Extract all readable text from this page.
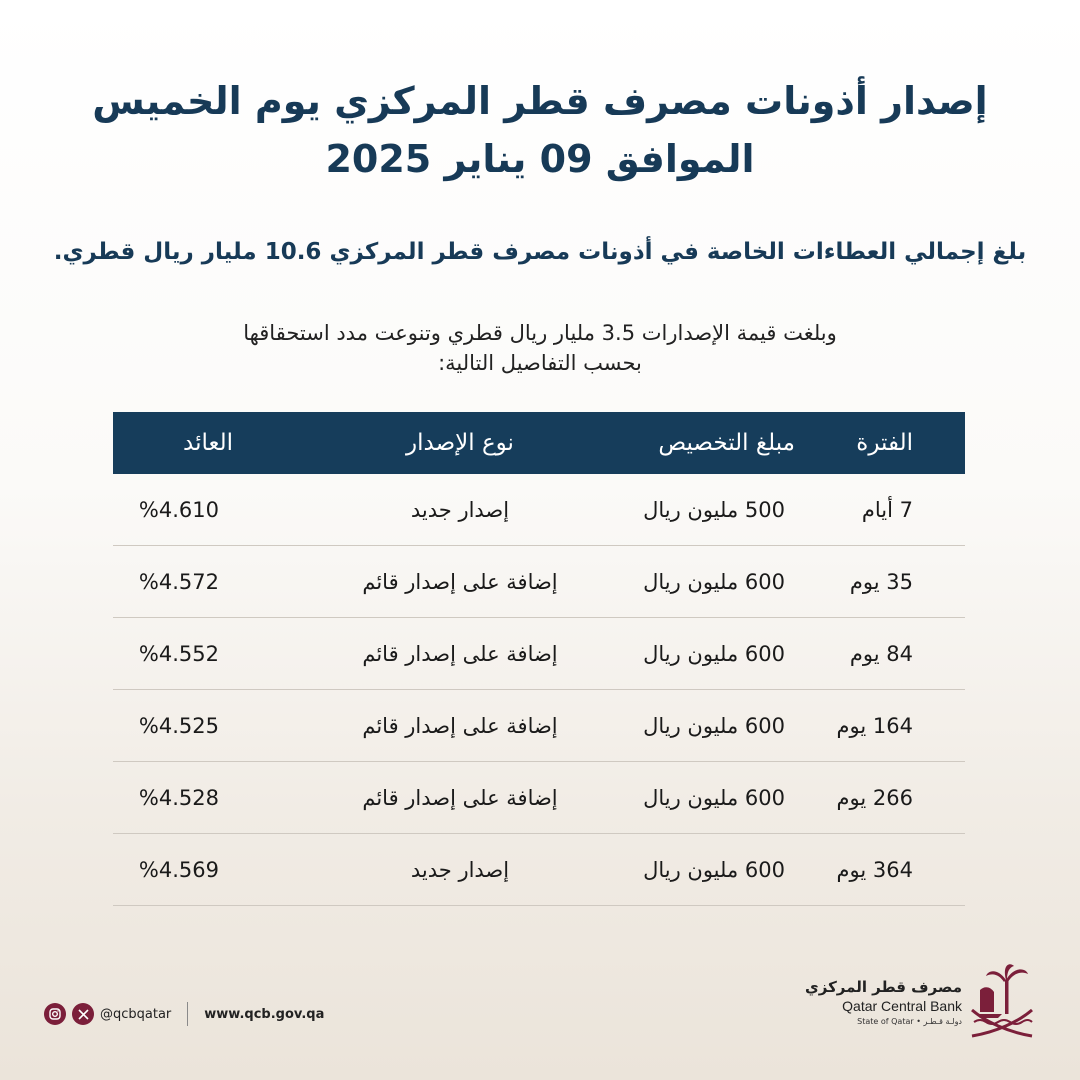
إصدار أذونات مصرف قطر المركزي يوم الخميس
الموافق 09 يناير 2025
بلغ إجمالي العطاءات الخاصة في أذونات مصرف قطر المركزي 10.6 مليار ريال قطري.
وبلغت قيمة الإصدارات 3.5 مليار ريال قطري وتنوعت مدد استحقاقها
بحسب التفاصيل التالية:
الفترة
مبلغ التخصيص
نوع الإصدار
العائد
7 أيام
500 مليون ريال
إصدار جديد
%4.610
35 يوم
600 مليون ريال
إضافة على إصدار قائم
%4.572
84 يوم
600 مليون ريال
إضافة على إصدار قائم
%4.552
164 يوم
600 مليون ريال
إضافة على إصدار قائم
%4.525
266 يوم
600 مليون ريال
إضافة على إصدار قائم
%4.528
364 يوم
600 مليون ريال
إصدار جديد
%4.569
@qcbqatar	www.qcb.gov.qa
مصرف قطر المركزي
Qatar Central Bank
State of Qatar • دولـة قـطـر
